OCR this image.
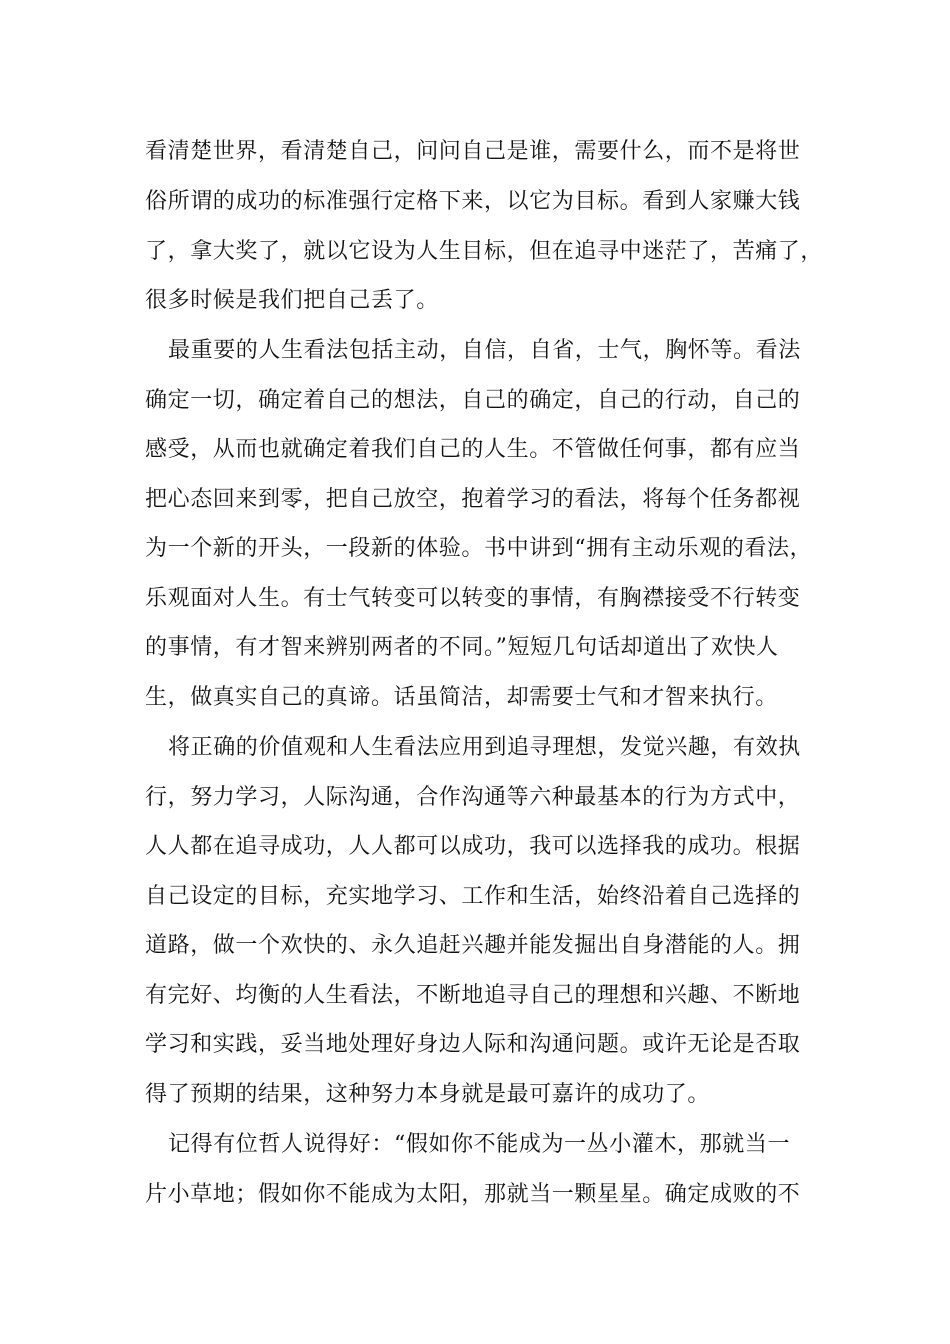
看清楚世界，看清楚自己，问问自己是谁，需要什么，而不是将世

俗所谓的成功的标准强行定格下来，以它为目标。看到人家赚大钱

了，拿大奖了，就以它设为人生目标，但在追寻中迷茫了，苦痛了，

很多时候是我们把自己丢了。

最重要的人生看法包括主动，自信，自省，士气，胸怀等。看法

确定一切，确定着自己的想法，自己的确定，自己的行动，自己的

感受，从而也就确定着我们自己的人生。不管做任何事，都有应当

把心态回来到零，把自己放空，抱着学习的看法，将每个任务都视

为一个新的开头，一段新的体验。书中讲到“拥有主动乐观的看法，

乐观面对人生。有士气转变可以转变的事情，有胸襟接受不行转变

的事情，有才智来辨别两者的不同。”短短几句话却道出了欢快人

生，做真实自己的真谛。话虽简洁，却需要士气和才智来执行。

将正确的价值观和人生看法应用到追寻理想，发觉兴趣，有效执

行，努力学习，人际沟通，合作沟通等六种最基本的行为方式中，

人人都在追寻成功，人人都可以成功，我可以选择我的成功。根据

自己设定的目标，充实地学习、工作和生活，始终沿着自己选择的

道路，做一个欢快的、永久追赶兴趣并能发掘出自身潜能的人。拥

有完好、均衡的人生看法，不断地追寻自己的理想和兴趣、不断地

学习和实践，妥当地处理好身边人际和沟通问题。或许无论是否取

得了预期的结果，这种努力本身就是最可嘉许的成功了。

记得有位哲人说得好：“假如你不能成为一丛小灌木，那就当一

片小草地；假如你不能成为太阳，那就当一颗星星。确定成败的不
